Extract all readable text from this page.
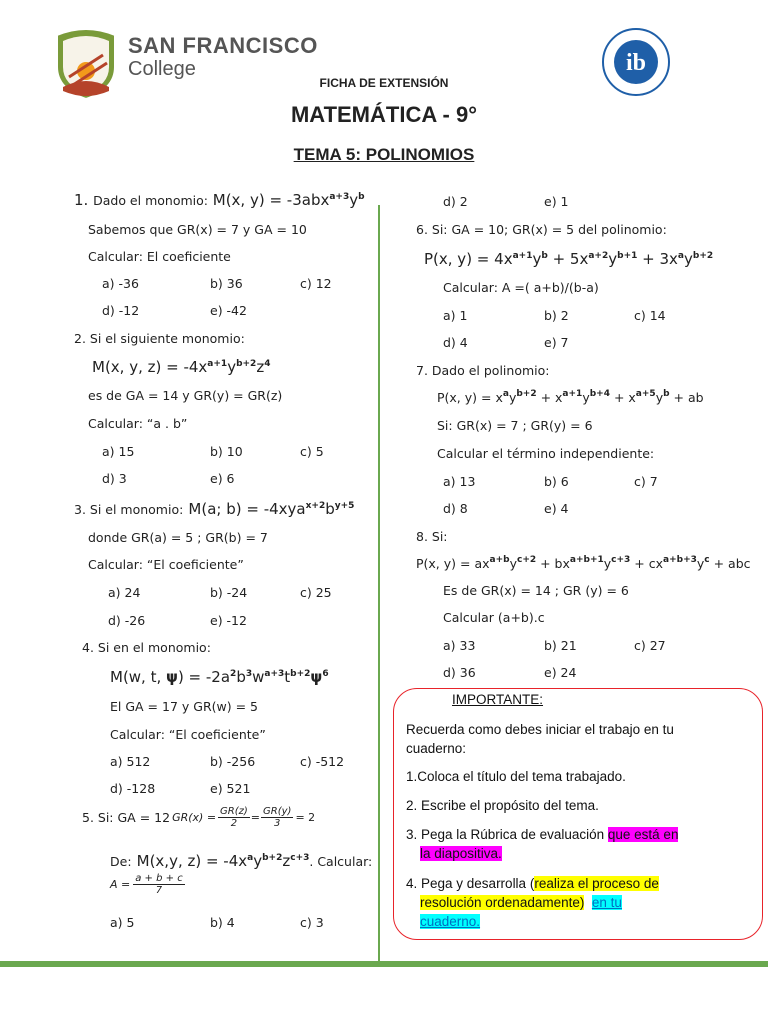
SAN FRANCISCO
College	ib
FICHA DE EXTENSIÓN
MATEMÁTICA - 9°
TEMA 5: POLINOMIOS
1. Dado el monomio: M(x, $y) = -3abx^{a+3}y^b$
Sabemos que GR(x) = 7 y GA = 10
Calcular: El coeficiente
a) -36	b) 36	c) 12
d) -12	e) -42
2. Si el siguiente monomio:
M(x, y, $z) = -4x^{a+1}y^{b+2}z^4$
es de GA = 14 y GR(y) = GR(z)
Calcular: “a . b”
a) 15	b) 10	c) 5
d) 3	e) 6
3. Si el monomio: M(a; $b) = -4xya^{x+2}b^{y+5}$
donde GR(a) = 5 ; GR(b) = 7
Calcular: “El coeficiente”
a) 24	b) -24	c) 25
d) -26	e) -12
4. Si en el monomio:
M(w, t, $\psi) = -2a^2b^3w^{a+3}t^{b+2}\psi^6$
El GA = 17 y GR(w) = 5
Calcular: “El coeficiente”
a) 512	b) -256	c) -512
d) -128	e) 521
5. Si: GA = 12 $GR(x) = \frac{GR(z)}{2} = \frac{GR(y)}{3} = 2$
De: M(x,y, $z) = -4x^ay^{b+2}z^{c+3}$. Calcular:
$A = \frac{a + b + c}{7}$
a) 5	b) 4	c) 3
d) 2	e) 1
6. Si: GA = 10; GR(x) = 5 del polinomio:
P(x, $y) = 4x^{a+1}y^b + 5x^{a+2}y^{b+1} + 3x^ay^{b+2}$
Calcular: A =( a+b)/(b-a)
a) 1	b) 2	c) 14
d) 4	e) 7
7. Dado el polinomio:
P(x, $y) = x^ay^{b+2} + x^{a+1}y^{b+4} + x^{a+5}y^b$ + ab
Si: GR(x) = 7 ; GR(y) = 6
Calcular el término independiente:
a) 13	b) 6	c) 7
d) 8	e) 4
8. Si:
P(x, $y) = ax^{a+b}y^{c+2} + bx^{a+b+1}y^{c+3} + cx^{a+b+3}y^c$ + abc
Es de GR(x) = 14 ; GR (y) = 6
Calcular (a+b).c
a) 33	b) 21	c) 27
d) 36	e) 24
IMPORTANTE:
Recuerda como debes iniciar el trabajo en tu
cuaderno:
1.Coloca el título del tema trabajado.
2. Escribe el propósito del tema.
3. Pega la Rúbrica de evaluación que está en
la diapositiva.
4. Pega y desarrolla (realiza el proceso de
resolución ordenadamente) en tu
cuaderno.
